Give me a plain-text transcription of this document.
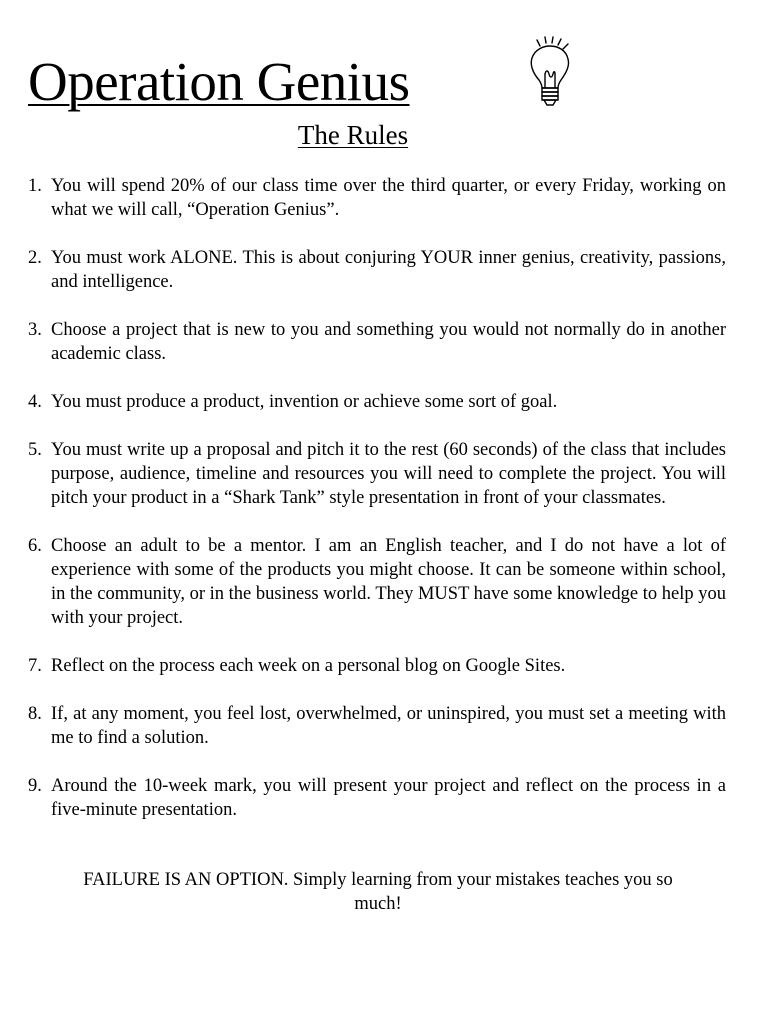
Operation Genius
The Rules
1. You will spend 20% of our class time over the third quarter, or every Friday, working on what we will call, “Operation Genius”.
2. You must work ALONE. This is about conjuring YOUR inner genius, creativity, passions, and intelligence.
3. Choose a project that is new to you and something you would not normally do in another academic class.
4. You must produce a product, invention or achieve some sort of goal.
5. You must write up a proposal and pitch it to the rest (60 seconds) of the class that includes purpose, audience, timeline and resources you will need to complete the project. You will pitch your product in a “Shark Tank” style presentation in front of your classmates.
6. Choose an adult to be a mentor. I am an English teacher, and I do not have a lot of experience with some of the products you might choose. It can be someone within school, in the community, or in the business world. They MUST have some knowledge to help you with your project.
7. Reflect on the process each week on a personal blog on Google Sites.
8. If, at any moment, you feel lost, overwhelmed, or uninspired, you must set a meeting with me to find a solution.
9. Around the 10-week mark, you will present your project and reflect on the process in a five-minute presentation.
FAILURE IS AN OPTION. Simply learning from your mistakes teaches you so much!
